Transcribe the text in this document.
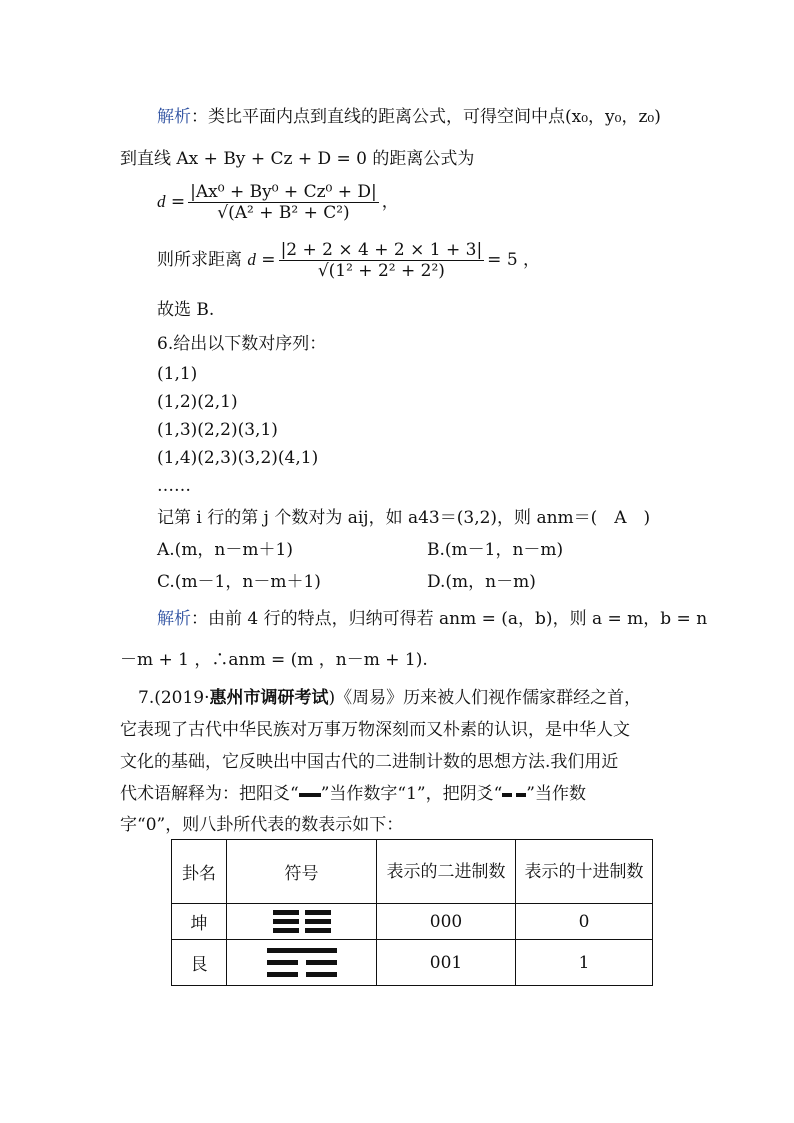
解析：类比平面内点到直线的距离公式，可得空间中点(x₀，y₀，z₀)
到直线 Ax + By + Cz + D = 0 的距离公式为
$d = \frac{\text{|Ax⁰ + By⁰ + Cz⁰ + D|}}{\text{√(A² + B² + C²)}}$ ，
则所求距离 $d = \frac{|2 + 2 \times 4 + 2 \times 1 + 3|}{\text{√(1² + 2² + 2²)}} = 5$ ，
故选 B.
6.给出以下数对序列：
(1,1)
(1,2)(2,1)
(1,3)(2,2)(3,1)
(1,4)(2,3)(3,2)(4,1)
……
记第 i 行的第 j 个数对为 aij，如 a43＝(3,2)，则 anm＝(　A　)
A.(m，n－m＋1)	B.(m－1，n－m)
C.(m－1，n－m＋1)	D.(m，n－m)
解析：由前 4 行的特点，归纳可得若 anm = (a，b)，则 a = m，b = n
－m + 1 ，∴anm = (m ，n－m + 1).
7.(2019·惠州市调研考试)《周易》历来被人们视作儒家群经之首，
它表现了古代中华民族对万事万物深刻而又朴素的认识，是中华人文
文化的基础，它反映出中国古代的二进制计数的思想方法.我们用近
代术语解释为：把阳爻“ ”当作数字“1”，把阴爻“ ”当作数
字“0”，则八卦所代表的数表示如下：
卦名	符号	表示的二进制数	表示的十进制数
坤		000	0
艮		001	1
